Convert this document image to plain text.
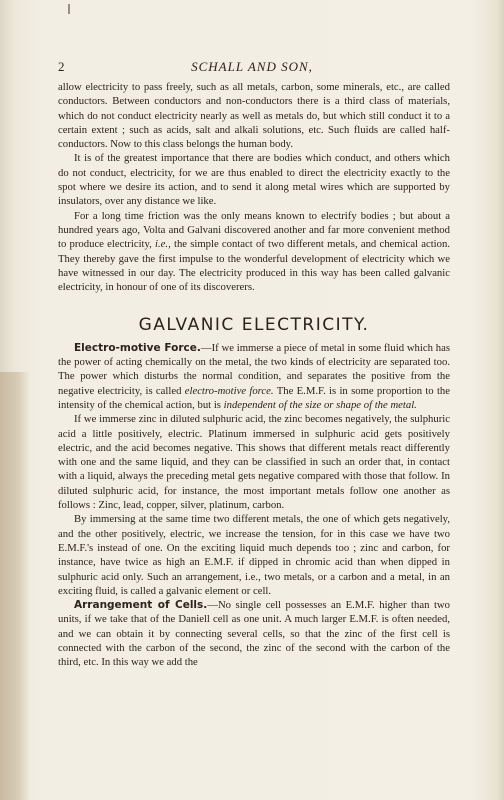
2	SCHALL AND SON,

allow electricity to pass freely, such as all metals, carbon, some minerals, etc., are called conductors. Between conductors and non-conductors there is a third class of materials, which do not conduct electricity nearly as well as metals do, but which still conduct it to a certain extent ; such as acids, salt and alkali solutions, etc. Such fluids are called half-conductors. Now to this class belongs the human body.

It is of the greatest importance that there are bodies which conduct, and others which do not conduct, electricity, for we are thus enabled to direct the electricity exactly to the spot where we desire its action, and to send it along metal wires which are supported by insulators, over any distance we like.

For a long time friction was the only means known to electrify bodies ; but about a hundred years ago, Volta and Galvani discovered another and far more convenient method to produce electricity, i.e., the simple contact of two different metals, and chemical action. They thereby gave the first impulse to the wonderful development of electricity which we have witnessed in our day. The electricity produced in this way has been called galvanic electricity, in honour of one of its discoverers.

GALVANIC ELECTRICITY.

Electro-motive Force.—If we immerse a piece of metal in some fluid which has the power of acting chemically on the metal, the two kinds of electricity are separated too. The power which disturbs the normal condition, and separates the positive from the negative electricity, is called electro-motive force. The E.M.F. is in some proportion to the intensity of the chemical action, but is independent of the size or shape of the metal.

If we immerse zinc in diluted sulphuric acid, the zinc becomes negatively, the sulphuric acid a little positively, electric. Platinum immersed in sulphuric acid gets positively electric, and the acid becomes negative. This shows that different metals react differently with one and the same liquid, and they can be classified in such an order that, in contact with a liquid, always the preceding metal gets negative compared with those that follow. In diluted sulphuric acid, for instance, the most important metals follow one another as follows : Zinc, lead, copper, silver, platinum, carbon.

By immersing at the same time two different metals, the one of which gets negatively, and the other positively, electric, we increase the tension, for in this case we have two E.M.F.'s instead of one. On the exciting liquid much depends too ; zinc and carbon, for instance, have twice as high an E.M.F. if dipped in chromic acid than when dipped in sulphuric acid only. Such an arrangement, i.e., two metals, or a carbon and a metal, in an exciting fluid, is called a galvanic element or cell.

Arrangement of Cells.—No single cell possesses an E.M.F. higher than two units, if we take that of the Daniell cell as one unit. A much larger E.M.F. is often needed, and we can obtain it by connecting several cells, so that the zinc of the first cell is connected with the carbon of the second, the zinc of the second with the carbon of the third, etc. In this way we add the
